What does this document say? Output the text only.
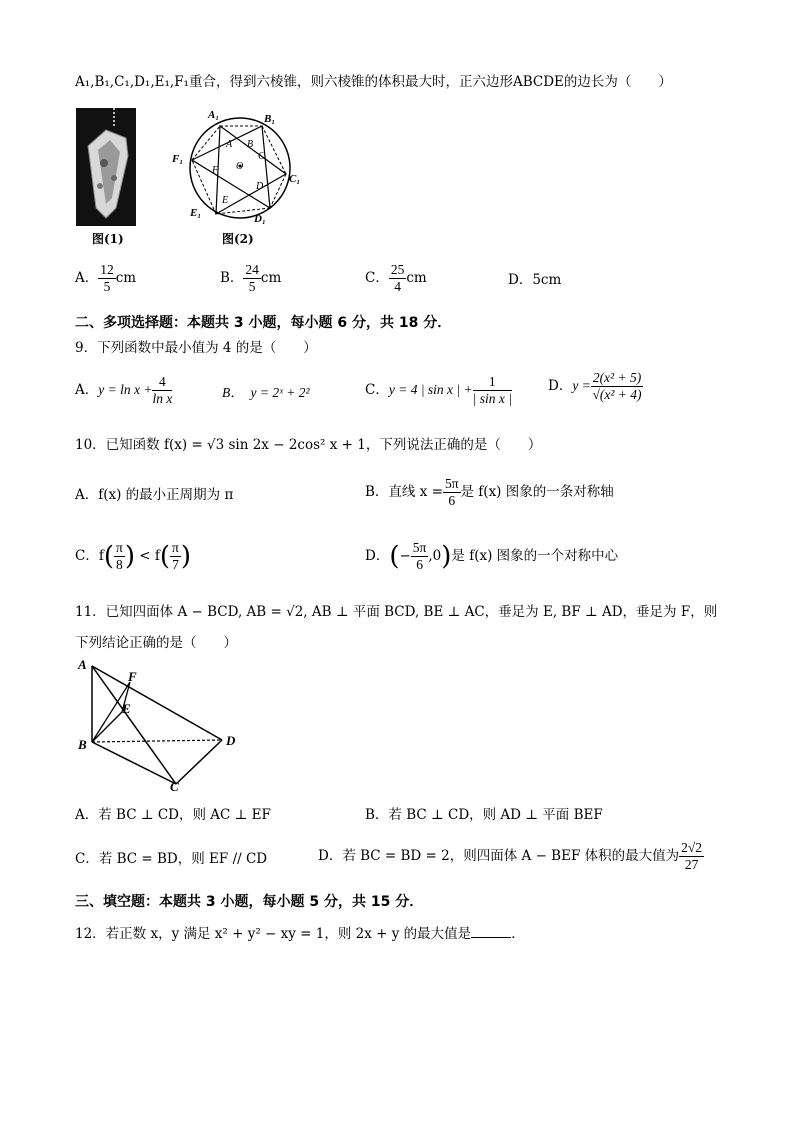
A₁,B₁,C₁,D₁,E₁,F₁重合，得到六棱锥，则六棱锥的体积最大时，正六边形ABCDE的边长为（　　）
图(1)
A₁	B₁
C₁
D₁
E₁
F₁
A B
C
D
E
F O
图(2)
A． $\frac{12}{5}$ cm	B． $\frac{24}{5}$ cm	C． $\frac{25}{4}$ cm	D．5cm
二、多项选择题：本题共 3 小题，每小题 6 分，共 18 分．
9．下列函数中最小值为 4 的是（　　）
A．$y = \ln x + \frac{4}{\text{ln x}}$	B．　y = 2ˣ + 2²	C．y = 4 | sin x | + $\frac{1}{\text{| sin x |}}$	D．$y = \frac{\text{2(x² + 5)}}{\text{√(x² + 4)}}$
10．已知函数 f(x) = √3 sin 2x − 2cos² x + 1，下列说法正确的是（　　）
A．f(x) 的最小正周期为 π	B．直线 $x = \frac{5\pi}{6}$ 是 f(x) 图象的一条对称轴
C．$f( \frac{\pi}{8}$ ) < $f( \frac{\pi}{7}$ )	D．(− $\frac{5\pi}{6} ,0$)是 f(x) 图象的一个对称中心
11．已知四面体 A − BCD, AB = √2, AB ⊥ 平面 BCD, BE ⊥ AC，垂足为 E, BF ⊥ AD，垂足为 F，则
下列结论正确的是（　　）
A
F
E
B	D
C
A．若 BC ⊥ CD，则 AC ⊥ EF	B．若 BC ⊥ CD，则 AD ⊥ 平面 BEF
C．若 BC = BD，则 EF // CD	D．若 BC = BD = 2，则四面体 A − BEF 体积的最大值为 $\frac{2√2}{27}$
三、填空题：本题共 3 小题，每小题 5 分，共 15 分．
12．若正数 x，y 满足 x² + y² − xy = 1，则 2x + y 的最大值是	．
